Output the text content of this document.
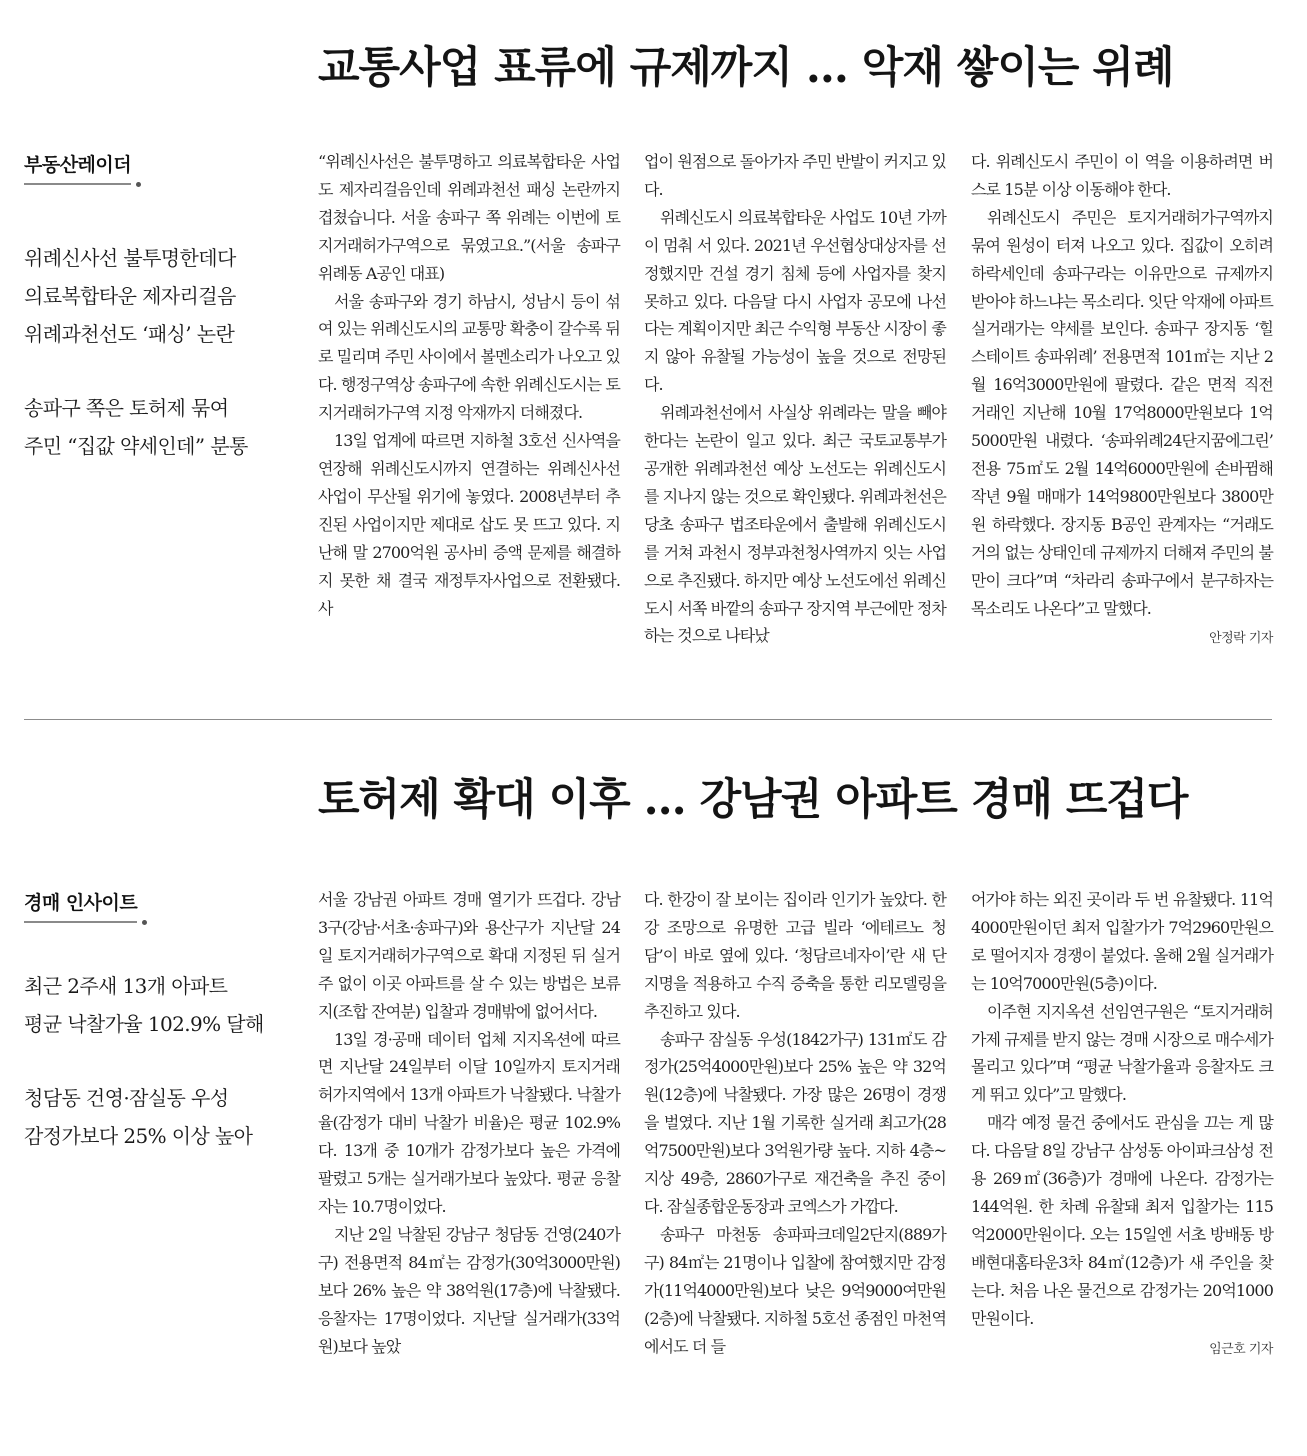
교통사업 표류에 규제까지 … 악재 쌓이는 위례
부동산레이더

위례신사선 불투명한데다

의료복합타운 제자리걸음

위례과천선도 ‘패싱’ 논란

송파구 쪽은 토허제 묶여

주민 “집값 약세인데” 분통

“위례신사선은 불투명하고 의료복합타운 사업도 제자리걸음인데 위례과천선 패싱 논란까지 겹쳤습니다. 서울 송파구 쪽 위례는 이번에 토지거래허가구역으로 묶였고요.”(서울 송파구 위례동 A공인 대표)

서울 송파구와 경기 하남시, 성남시 등이 섞여 있는 위례신도시의 교통망 확충이 갈수록 뒤로 밀리며 주민 사이에서 볼멘소리가 나오고 있다. 행정구역상 송파구에 속한 위례신도시는 토지거래허가구역 지정 악재까지 더해졌다.

13일 업계에 따르면 지하철 3호선 신사역을 연장해 위례신도시까지 연결하는 위례신사선 사업이 무산될 위기에 놓였다. 2008년부터 추진된 사업이지만 제대로 삽도 못 뜨고 있다. 지난해 말 2700억원 공사비 증액 문제를 해결하지 못한 채 결국 재정투자사업으로 전환됐다. 사

업이 원점으로 돌아가자 주민 반발이 커지고 있다.

위례신도시 의료복합타운 사업도 10년 가까이 멈춰 서 있다. 2021년 우선협상대상자를 선정했지만 건설 경기 침체 등에 사업자를 찾지 못하고 있다. 다음달 다시 사업자 공모에 나선다는 계획이지만 최근 수익형 부동산 시장이 좋지 않아 유찰될 가능성이 높을 것으로 전망된다.

위례과천선에서 사실상 위례라는 말을 빼야 한다는 논란이 일고 있다. 최근 국토교통부가 공개한 위례과천선 예상 노선도는 위례신도시를 지나지 않는 것으로 확인됐다. 위례과천선은 당초 송파구 법조타운에서 출발해 위례신도시를 거쳐 과천시 정부과천청사역까지 잇는 사업으로 추진됐다. 하지만 예상 노선도에선 위례신도시 서쪽 바깥의 송파구 장지역 부근에만 정차하는 것으로 나타났

다. 위례신도시 주민이 이 역을 이용하려면 버스로 15분 이상 이동해야 한다.

위례신도시 주민은 토지거래허가구역까지 묶여 원성이 터져 나오고 있다. 집값이 오히려 하락세인데 송파구라는 이유만으로 규제까지 받아야 하느냐는 목소리다. 잇단 악재에 아파트 실거래가는 약세를 보인다. 송파구 장지동 ‘힐스테이트 송파위례’ 전용면적 101㎡는 지난 2월 16억3000만원에 팔렸다. 같은 면적 직전 거래인 지난해 10월 17억8000만원보다 1억5000만원 내렸다. ‘송파위례24단지꿈에그린’ 전용 75㎡도 2월 14억6000만원에 손바뀜해 작년 9월 매매가 14억9800만원보다 3800만원 하락했다. 장지동 B공인 관계자는 “거래도 거의 없는 상태인데 규제까지 더해져 주민의 불만이 크다”며 “차라리 송파구에서 분구하자는 목소리도 나온다”고 말했다.

안정락 기자
토허제 확대 이후 … 강남권 아파트 경매 뜨겁다
경매 인사이트

최근 2주새 13개 아파트

평균 낙찰가율 102.9% 달해

청담동 건영·잠실동 우성

감정가보다 25% 이상 높아

서울 강남권 아파트 경매 열기가 뜨겁다. 강남 3구(강남·서초·송파구)와 용산구가 지난달 24일 토지거래허가구역으로 확대 지정된 뒤 실거주 없이 이곳 아파트를 살 수 있는 방법은 보류지(조합 잔여분) 입찰과 경매밖에 없어서다.

13일 경·공매 데이터 업체 지지옥션에 따르면 지난달 24일부터 이달 10일까지 토지거래허가지역에서 13개 아파트가 낙찰됐다. 낙찰가율(감정가 대비 낙찰가 비율)은 평균 102.9%다. 13개 중 10개가 감정가보다 높은 가격에 팔렸고 5개는 실거래가보다 높았다. 평균 응찰자는 10.7명이었다.

지난 2일 낙찰된 강남구 청담동 건영(240가구) 전용면적 84㎡는 감정가(30억3000만원)보다 26% 높은 약 38억원(17층)에 낙찰됐다. 응찰자는 17명이었다. 지난달 실거래가(33억원)보다 높았

다. 한강이 잘 보이는 집이라 인기가 높았다. 한강 조망으로 유명한 고급 빌라 ‘에테르노 청담’이 바로 옆에 있다. ‘청담르네자이’란 새 단지명을 적용하고 수직 증축을 통한 리모델링을 추진하고 있다.

송파구 잠실동 우성(1842가구) 131㎡도 감정가(25억4000만원)보다 25% 높은 약 32억원(12층)에 낙찰됐다. 가장 많은 26명이 경쟁을 벌였다. 지난 1월 기록한 실거래 최고가(28억7500만원)보다 3억원가량 높다. 지하 4층~지상 49층, 2860가구로 재건축을 추진 중이다. 잠실종합운동장과 코엑스가 가깝다.

송파구 마천동 송파파크데일2단지(889가구) 84㎡는 21명이나 입찰에 참여했지만 감정가(11억4000만원)보다 낮은 9억9000여만원(2층)에 낙찰됐다. 지하철 5호선 종점인 마천역에서도 더 들

어가야 하는 외진 곳이라 두 번 유찰됐다. 11억4000만원이던 최저 입찰가가 7억2960만원으로 떨어지자 경쟁이 붙었다. 올해 2월 실거래가는 10억7000만원(5층)이다.

이주현 지지옥션 선임연구원은 “토지거래허가제 규제를 받지 않는 경매 시장으로 매수세가 몰리고 있다”며 “평균 낙찰가율과 응찰자도 크게 뛰고 있다”고 말했다.

매각 예정 물건 중에서도 관심을 끄는 게 많다. 다음달 8일 강남구 삼성동 아이파크삼성 전용 269㎡(36층)가 경매에 나온다. 감정가는 144억원. 한 차례 유찰돼 최저 입찰가는 115억2000만원이다. 오는 15일엔 서초 방배동 방배현대홈타운3차 84㎡(12층)가 새 주인을 찾는다. 처음 나온 물건으로 감정가는 20억1000만원이다.

임근호 기자
